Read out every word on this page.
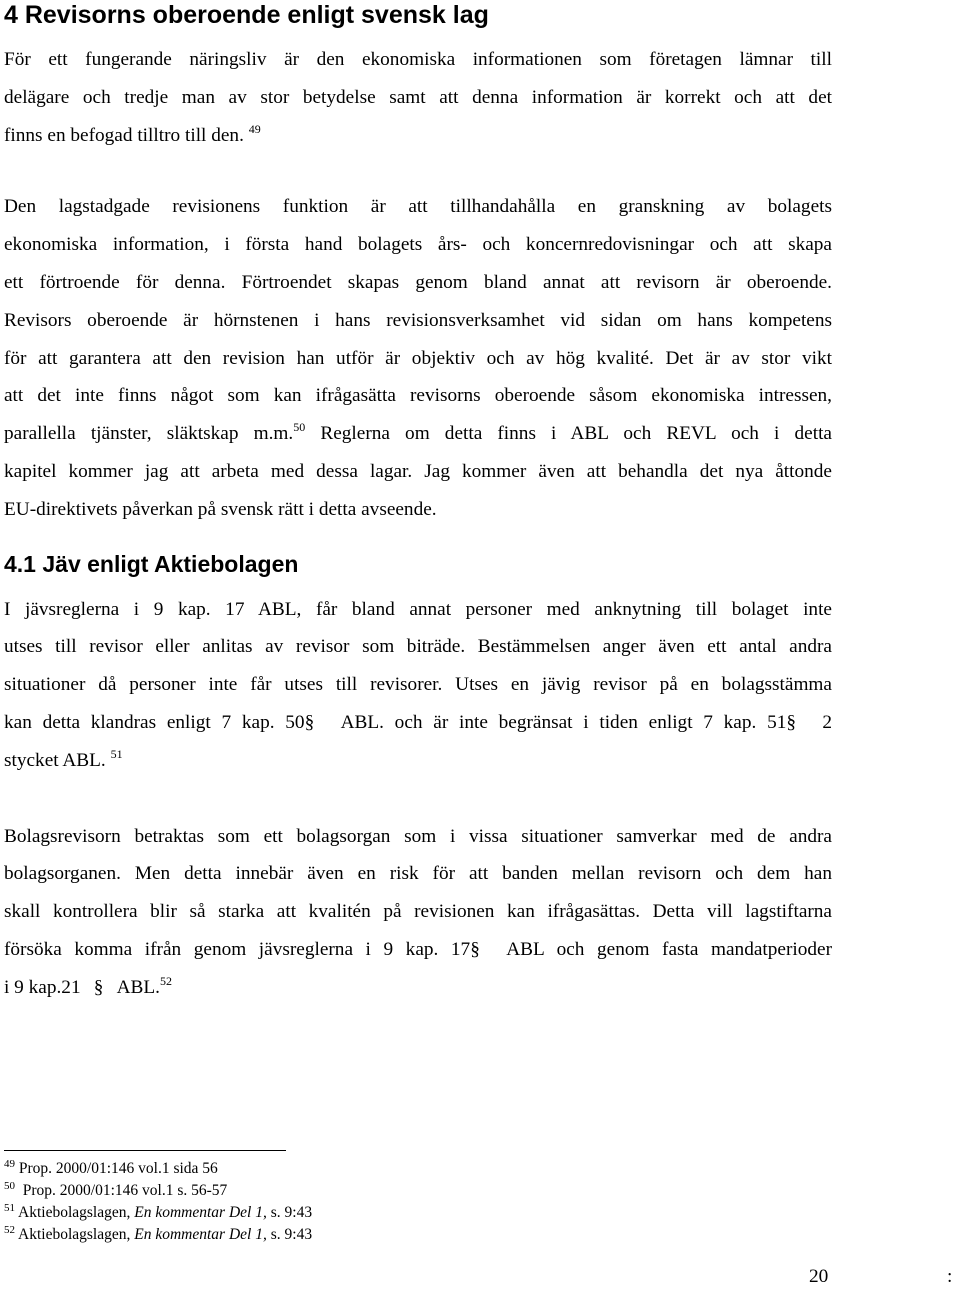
4 Revisorns oberoende enligt svensk lag
För ett fungerande näringsliv är den ekonomiska informationen som företagen lämnar till
delägare och tredje man av stor betydelse samt att denna information är korrekt och att det
finns en befogad tilltro till den. $^{49}$
Den lagstadgade revisionens funktion är att tillhandahålla en granskning av bolagets
ekonomiska information, i första hand bolagets års- och koncernredovisningar och att skapa
ett förtroende för denna. Förtroendet skapas genom bland annat att revisorn är oberoende.
Revisors oberoende är hörnstenen i hans revisionsverksamhet vid sidan om hans kompetens
för att garantera att den revision han utför är objektiv och av hög kvalité. Det är av stor vikt
att det inte finns något som kan ifrågasätta revisorns oberoende såsom ekonomiska intressen,
parallella tjänster, släktskap m.m.$^{50}$ Reglerna om detta finns i ABL och REVL och i detta
kapitel kommer jag att arbeta med dessa lagar. Jag kommer även att behandla det nya åttonde
EU-direktivets påverkan på svensk rätt i detta avseende.
4.1 Jäv enligt Aktiebolagen
I jävsreglerna i 9 kap. 17 ABL, får bland annat personer med anknytning till bolaget inte
utses till revisor eller anlitas av revisor som biträde. Bestämmelsen anger även ett antal andra
situationer då personer inte får utses till revisorer. Utses en jävig revisor på en bolagsstämma
kan detta klandras enligt 7 kap. 50§ ABL. och är inte begränsat i tiden enligt 7 kap. 51§ 2
stycket ABL. $^{51}$
Bolagsrevisorn betraktas som ett bolagsorgan som i vissa situationer samverkar med de andra
bolagsorganen. Men detta innebär även en risk för att banden mellan revisorn och dem han
skall kontrollera blir så starka att kvalitén på revisionen kan ifrågasättas. Detta vill lagstiftarna
försöka komma ifrån genom jävsreglerna i 9 kap. 17§ ABL och genom fasta mandatperioder
i 9 kap.21 § ABL.$^{52}$
$^{49}$ Prop. 2000/01:146 vol.1 sida 56
$^{50}$ Prop. 2000/01:146 vol.1 s. 56-57
$^{51}$ Aktiebolagslagen, En kommentar Del 1, s. 9:43
$^{52}$ Aktiebolagslagen, En kommentar Del 1, s. 9:43
20	:
